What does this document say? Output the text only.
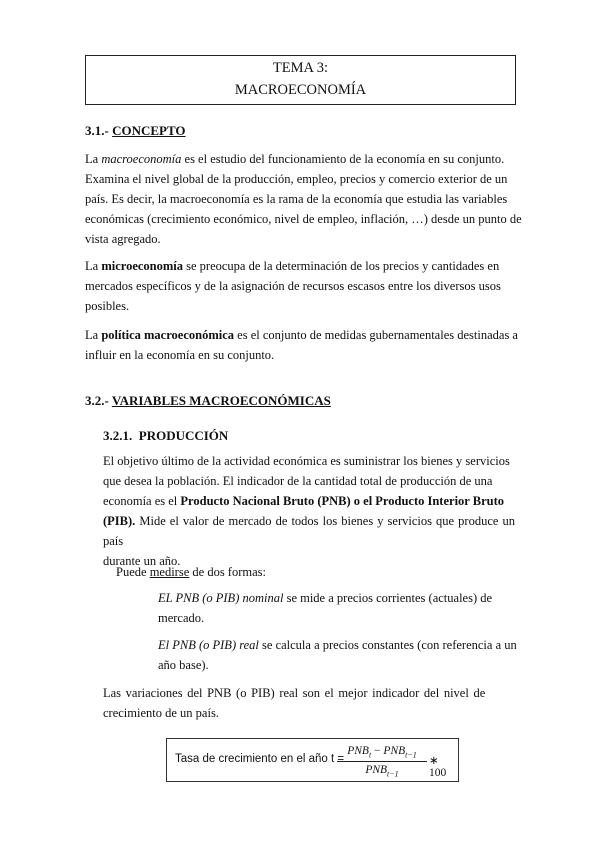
TEMA 3:
MACROECONOMÍA
3.1.- CONCEPTO
La macroeconomía es el estudio del funcionamiento de la economía en su conjunto.
Examina el nivel global de la producción, empleo, precios y comercio exterior de un
país. Es decir, la macroeconomía es la rama de la economía que estudia las variables
económicas (crecimiento económico, nivel de empleo, inflación, …) desde un punto de
vista agregado.
La microeconomía se preocupa de la determinación de los precios y cantidades en
mercados específicos y de la asignación de recursos escasos entre los diversos usos
posibles.
La política macroeconómica es el conjunto de medidas gubernamentales destinadas a
influir en la economía en su conjunto.
3.2.- VARIABLES MACROECONÓMICAS
3.2.1. PRODUCCIÓN
El objetivo último de la actividad económica es suministrar los bienes y servicios
que desea la población. El indicador de la cantidad total de producción de una
economía es el Producto Nacional Bruto (PNB) o el Producto Interior Bruto
(PIB). Mide el valor de mercado de todos los bienes y servicios que produce un país
durante un año.
Puede medirse de dos formas:
EL PNB (o PIB) nominal se mide a precios corrientes (actuales) de
mercado.
El PNB (o PIB) real se calcula a precios constantes (con referencia a un
año base).
Las variaciones del PNB (o PIB) real son el mejor indicador del nivel de
crecimiento de un país.
Tasa de crecimiento en el año t =
$PNB_t - PNB_{t-1}$
$PNB_{t-1}$
∗ 100
